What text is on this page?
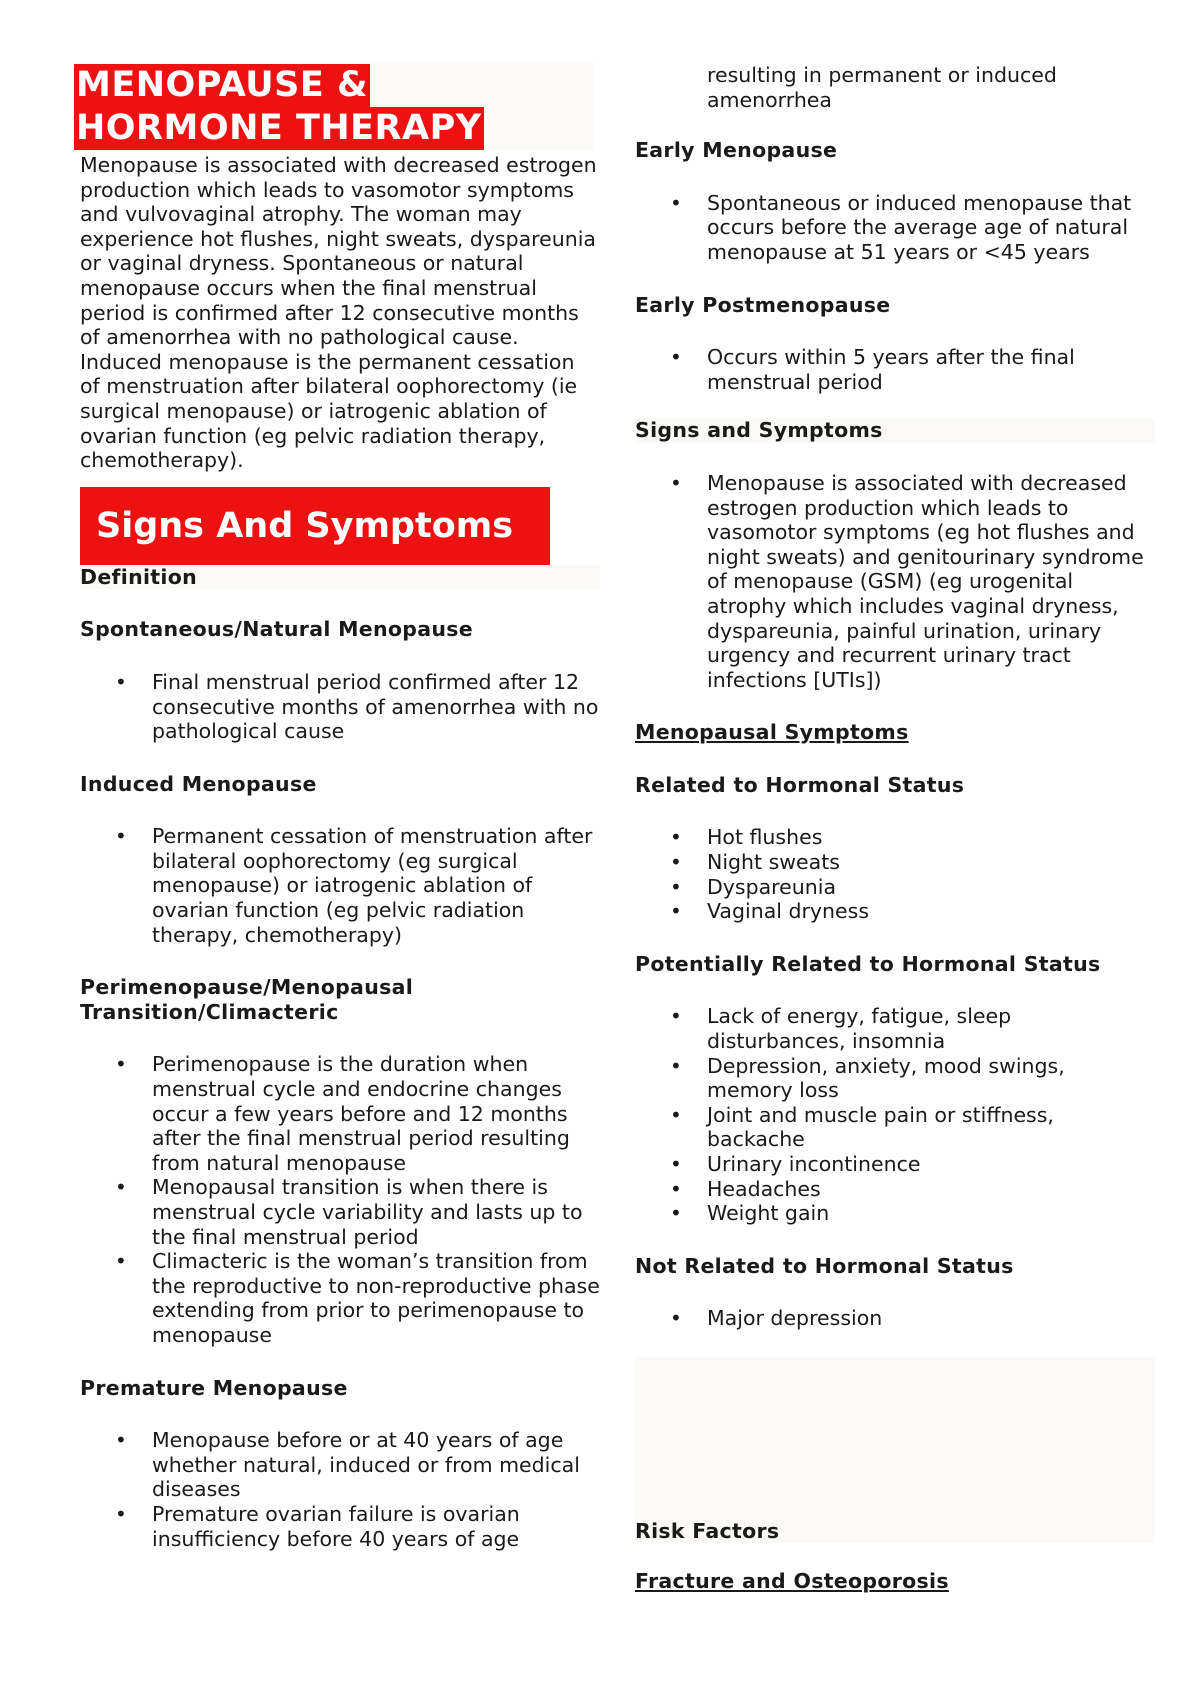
MENOPAUSE &
HORMONE THERAPY

Menopause is associated with decreased estrogen production which leads to vasomotor symptoms and vulvovaginal atrophy. The woman may experience hot flushes, night sweats, dyspareunia or vaginal dryness. Spontaneous or natural menopause occurs when the final menstrual period is confirmed after 12 consecutive months of amenorrhea with no pathological cause. Induced menopause is the permanent cessation of menstruation after bilateral oophorectomy (ie surgical menopause) or iatrogenic ablation of ovarian function (eg pelvic radiation therapy, chemotherapy).

Signs And Symptoms
Definition
Spontaneous/Natural Menopause
• Final menstrual period confirmed after 12 consecutive months of amenorrhea with no pathological cause
Induced Menopause
• Permanent cessation of menstruation after bilateral oophorectomy (eg surgical menopause) or iatrogenic ablation of ovarian function (eg pelvic radiation therapy, chemotherapy)
Perimenopause/Menopausal Transition/Climacteric
• Perimenopause is the duration when menstrual cycle and endocrine changes occur a few years before and 12 months after the final menstrual period resulting from natural menopause
• Menopausal transition is when there is menstrual cycle variability and lasts up to the final menstrual period
• Climacteric is the woman’s transition from the reproductive to non-reproductive phase extending from prior to perimenopause to menopause
Premature Menopause
• Menopause before or at 40 years of age whether natural, induced or from medical diseases
• Premature ovarian failure is ovarian insufficiency before 40 years of age

resulting in permanent or induced amenorrhea

Early Menopause
• Spontaneous or induced menopause that occurs before the average age of natural menopause at 51 years or <45 years
Early Postmenopause
• Occurs within 5 years after the final menstrual period
Signs and Symptoms
• Menopause is associated with decreased estrogen production which leads to vasomotor symptoms (eg hot flushes and night sweats) and genitourinary syndrome of menopause (GSM) (eg urogenital atrophy which includes vaginal dryness, dyspareunia, painful urination, urinary urgency and recurrent urinary tract infections [UTIs])
Menopausal Symptoms
Related to Hormonal Status
• Hot flushes
• Night sweats
• Dyspareunia
• Vaginal dryness
Potentially Related to Hormonal Status
• Lack of energy, fatigue, sleep disturbances, insomnia
• Depression, anxiety, mood swings, memory loss
• Joint and muscle pain or stiffness, backache
• Urinary incontinence
• Headaches
• Weight gain
Not Related to Hormonal Status
• Major depression
Risk Factors
Fracture and Osteoporosis
